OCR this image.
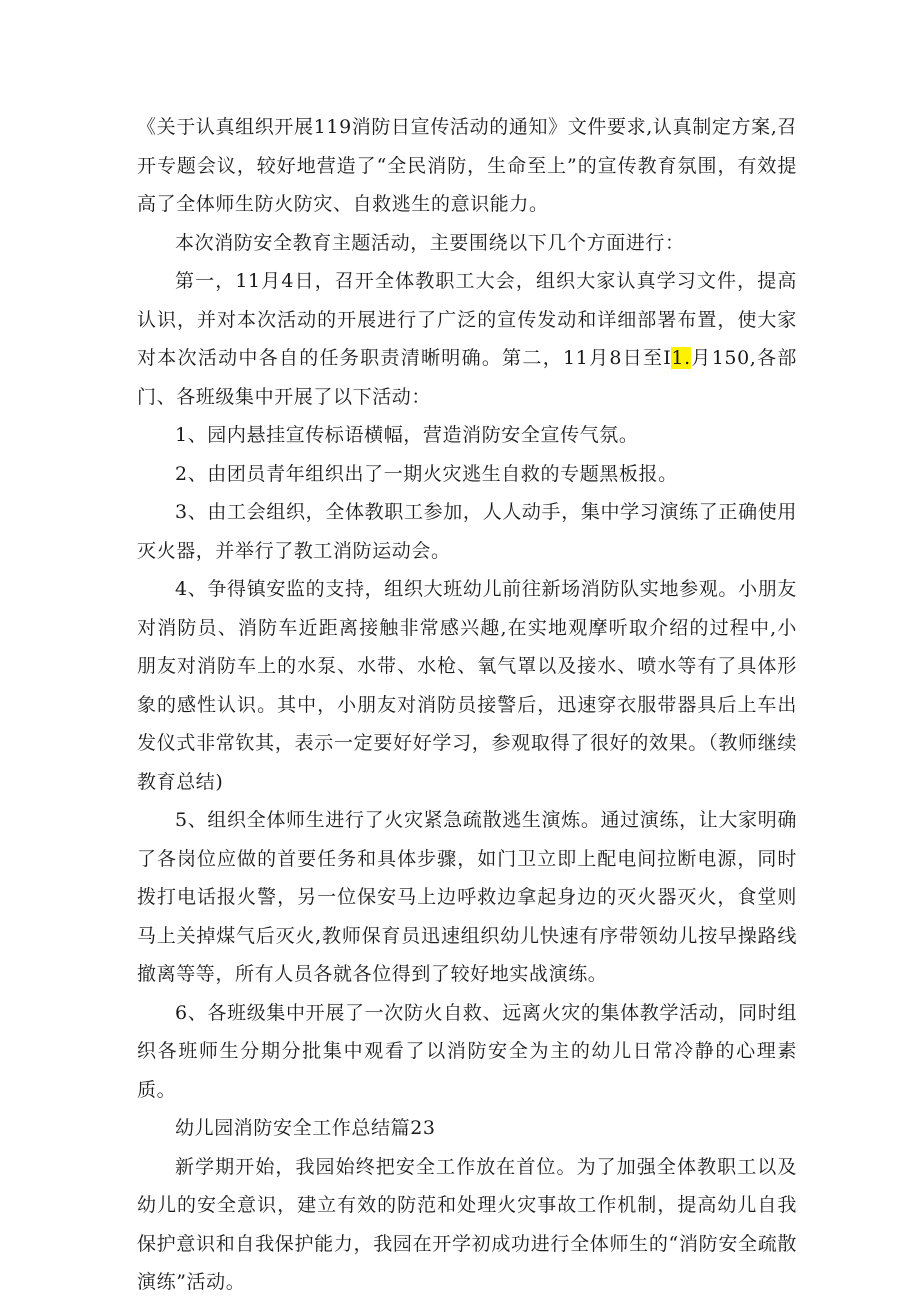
《关于认真组织开展119消防日宣传活动的通知》文件要求,认真制定方案,召开专题会议，较好地营造了“全民消防，生命至上”的宣传教育氛围，有效提高了全体师生防火防灾、自救逃生的意识能力。

本次消防安全教育主题活动，主要围绕以下几个方面进行：

第一，11月4日，召开全体教职工大会，组织大家认真学习文件，提高认识，并对本次活动的开展进行了广泛的宣传发动和详细部署布置，使大家对本次活动中各自的任务职责清晰明确。第二，11月8日至I1.月150,各部门、各班级集中开展了以下活动：

1、园内悬挂宣传标语横幅，营造消防安全宣传气氛。

2、由团员青年组织出了一期火灾逃生自救的专题黑板报。

3、由工会组织，全体教职工参加，人人动手，集中学习演练了正确使用灭火器，并举行了教工消防运动会。

4、争得镇安监的支持，组织大班幼儿前往新场消防队实地参观。小朋友对消防员、消防车近距离接触非常感兴趣,在实地观摩听取介绍的过程中,小朋友对消防车上的水泵、水带、水枪、氧气罩以及接水、喷水等有了具体形象的感性认识。其中，小朋友对消防员接警后，迅速穿衣服带器具后上车出发仪式非常钦其，表示一定要好好学习，参观取得了很好的效果。（教师继续教育总结)

5、组织全体师生进行了火灾紧急疏散逃生演炼。通过演练，让大家明确了各岗位应做的首要任务和具体步骤，如门卫立即上配电间拉断电源，同时拨打电话报火警，另一位保安马上边呼救边拿起身边的灭火器灭火，食堂则马上关掉煤气后灭火,教师保育员迅速组织幼儿快速有序带领幼儿按早操路线撤离等等，所有人员各就各位得到了较好地实战演练。

6、各班级集中开展了一次防火自救、远离火灾的集体教学活动，同时组织各班师生分期分批集中观看了以消防安全为主的幼儿日常冷静的心理素质。

幼儿园消防安全工作总结篇23

新学期开始，我园始终把安全工作放在首位。为了加强全体教职工以及幼儿的安全意识，建立有效的防范和处理火灾事故工作机制，提高幼儿自我保护意识和自我保护能力，我园在开学初成功进行全体师生的“消防安全疏散演练”活动。
